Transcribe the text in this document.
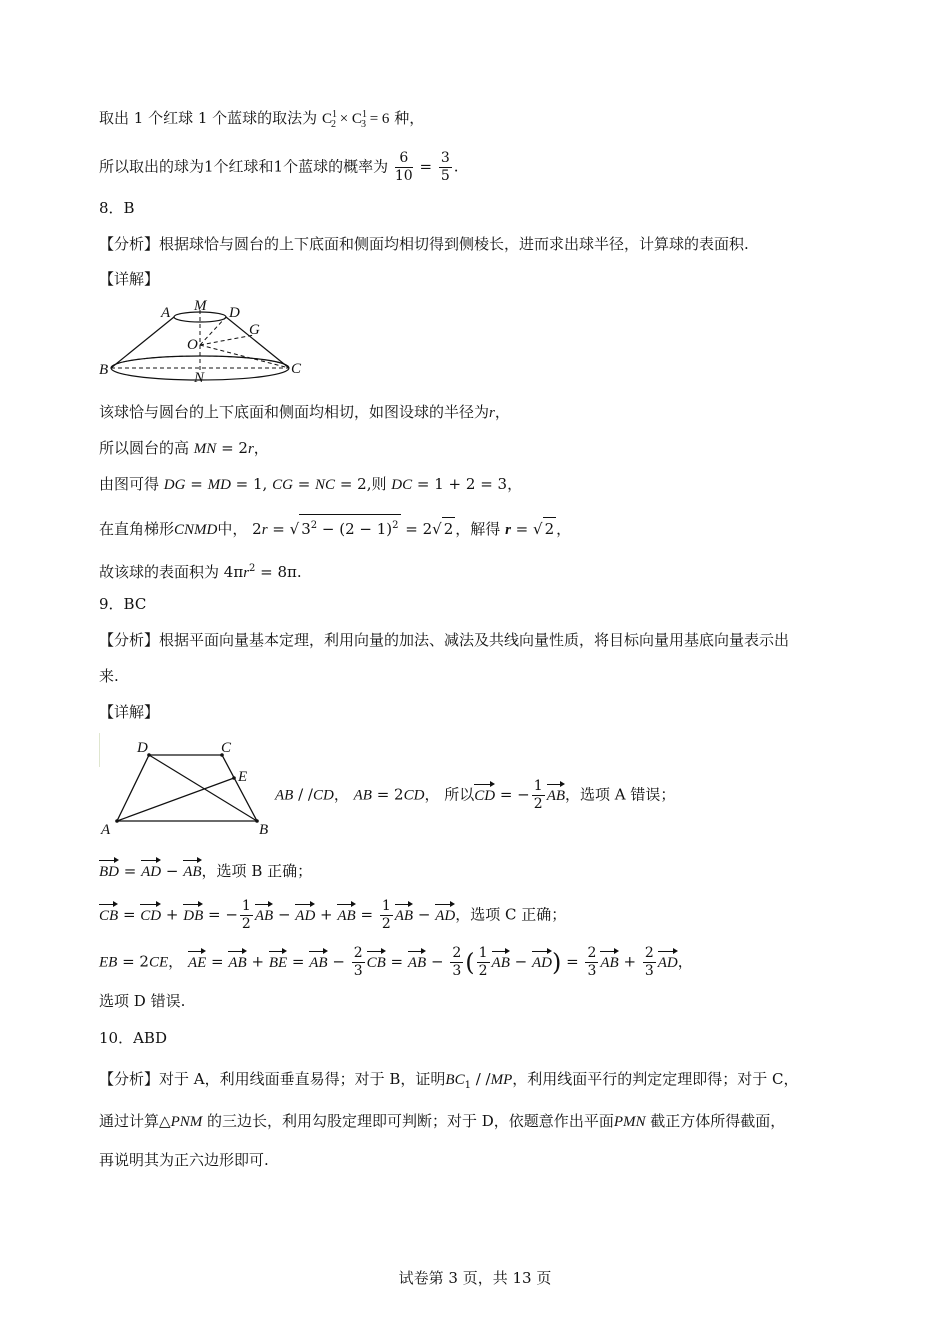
取出 1 个红球 1 个蓝球的取法为 $C^1_2 \times C^1_3 = 6$ 种，
所以取出的球为1个红球和1个蓝球的概率为 $\frac{6}{10} = \frac{3}{5}$ .
8．B
【分析】根据球恰与圆台的上下底面和侧面均相切得到侧棱长，进而求出球半径，计算球的表面积.
【详解】
A M D
G
O
B	N
C
该球恰与圆台的上下底面和侧面均相切，如图设球的半径为r，
所以圆台的高 MN = 2r，
由图可得 DG = MD = 1, CG = NC = 2,则 DC = 1 + 2 = 3，
在直角梯形CNMD中， 2r = √ $3^2 - (2 - 1)^2 = 2√$ 2 ，解得 r = √ 2 ，
故该球的表面积为 $4\pi r^2 = 8\pi$.
9．BC
【分析】根据平面向量基本定理，利用向量的加法、减法及共线向量性质，将目标向量用基底向量表示出
来.
【详解】
D	C
E
A	B
AB / /CD， AB = 2CD， 所以CD = − $\frac{1}{2}$ AB，选项 A 错误；
BD = AD − AB，选项 B 正确；
CB = CD + DB = − $\frac{1}{2}$ AB − AD + AB = $\frac{1}{2}$ AB − AD，选项 C 正确；
EB = 2CE， AE = AB + BE = AB − $\frac{2}{3}$ CB = AB − $\frac{2}{3}$ ( $\frac{1}{2}$ AB − $AD) = \frac{2}{3}$ AB + $\frac{2}{3}$ AD，
选项 D 错误.
10．ABD
【分析】对于 A，利用线面垂直易得；对于 B，证明$BC_1 / /MP$，利用线面平行的判定定理即得；对于 C，
通过计算△PNM 的三边长，利用勾股定理即可判断；对于 D，依题意作出平面PMN 截正方体所得截面，
再说明其为正六边形即可.
试卷第 3 页，共 13 页
